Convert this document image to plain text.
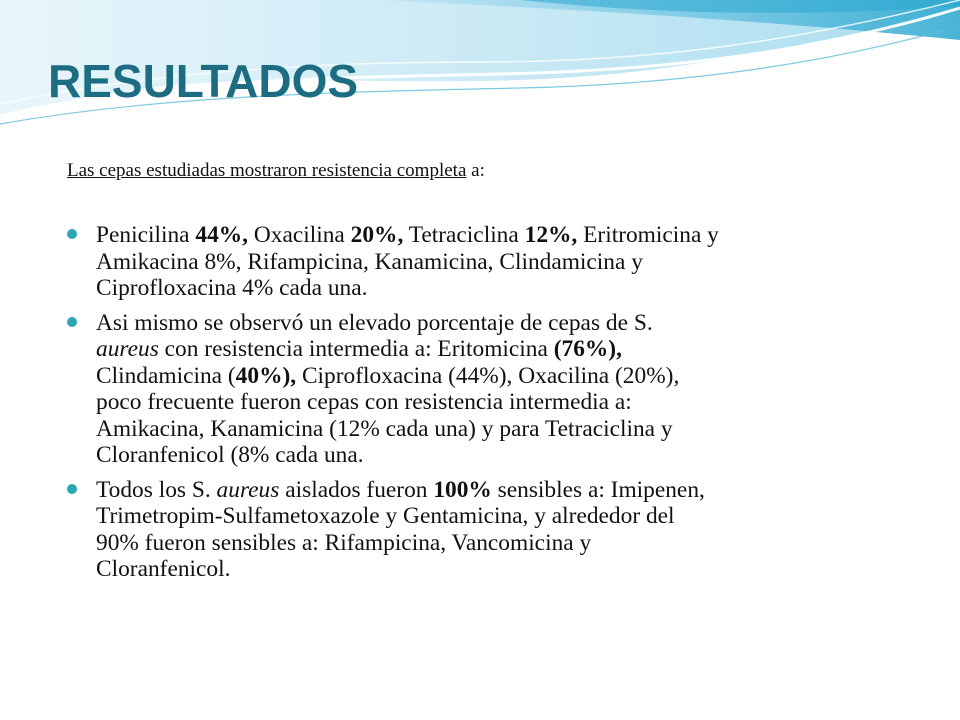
RESULTADOS
Las cepas estudiadas mostraron resistencia completa a:
Penicilina 44%, Oxacilina 20%, Tetraciclina 12%, Eritromicina y
Amikacina 8%, Rifampicina, Kanamicina, Clindamicina y
Ciprofloxacina 4% cada una.
Asi mismo se observó un elevado porcentaje de cepas de S.
aureus con resistencia intermedia a: Eritomicina (76%),
Clindamicina (40%), Ciprofloxacina (44%), Oxacilina (20%),
poco frecuente fueron cepas con resistencia intermedia a:
Amikacina, Kanamicina (12% cada una) y para Tetraciclina y
Cloranfenicol (8% cada una.
Todos los S. aureus aislados fueron 100% sensibles a: Imipenen,
Trimetropim-Sulfametoxazole y Gentamicina, y alrededor del
90% fueron sensibles a: Rifampicina, Vancomicina y
Cloranfenicol.
